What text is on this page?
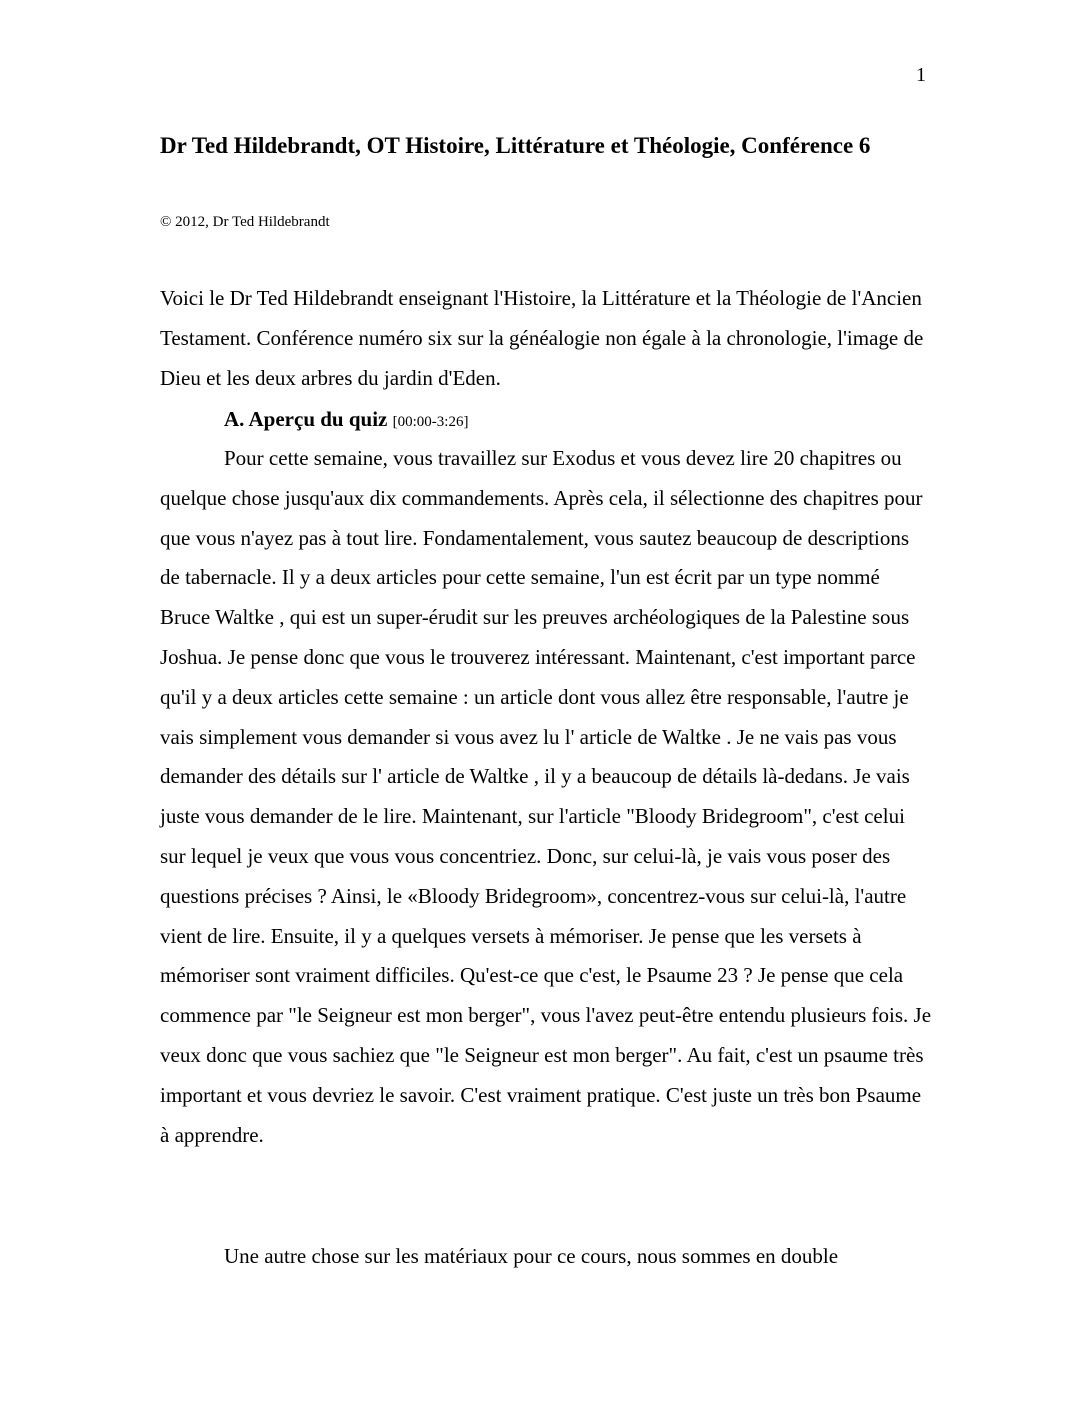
1
Dr Ted Hildebrandt, OT Histoire, Littérature et Théologie, Conférence 6
© 2012, Dr Ted Hildebrandt
Voici le Dr Ted Hildebrandt enseignant l'Histoire, la Littérature et la Théologie de l'Ancien Testament. Conférence numéro six sur la généalogie non égale à la chronologie, l'image de Dieu et les deux arbres du jardin d'Eden.
A. Aperçu du quiz [00:00-3:26]
Pour cette semaine, vous travaillez sur Exodus et vous devez lire 20 chapitres ou quelque chose jusqu'aux dix commandements. Après cela, il sélectionne des chapitres pour que vous n'ayez pas à tout lire. Fondamentalement, vous sautez beaucoup de descriptions de tabernacle. Il y a deux articles pour cette semaine, l'un est écrit par un type nommé Bruce Waltke , qui est un super-érudit sur les preuves archéologiques de la Palestine sous Joshua. Je pense donc que vous le trouverez intéressant. Maintenant, c'est important parce qu'il y a deux articles cette semaine : un article dont vous allez être responsable, l'autre je vais simplement vous demander si vous avez lu l' article de Waltke . Je ne vais pas vous demander des détails sur l' article de Waltke , il y a beaucoup de détails là-dedans. Je vais juste vous demander de le lire. Maintenant, sur l'article "Bloody Bridegroom", c'est celui sur lequel je veux que vous vous concentriez. Donc, sur celui-là, je vais vous poser des questions précises ? Ainsi, le «Bloody Bridegroom», concentrez-vous sur celui-là, l'autre vient de lire. Ensuite, il y a quelques versets à mémoriser. Je pense que les versets à mémoriser sont vraiment difficiles. Qu'est-ce que c'est, le Psaume 23 ? Je pense que cela commence par "le Seigneur est mon berger", vous l'avez peut-être entendu plusieurs fois. Je veux donc que vous sachiez que "le Seigneur est mon berger". Au fait, c'est un psaume très important et vous devriez le savoir. C'est vraiment pratique. C'est juste un très bon Psaume à apprendre.
Une autre chose sur les matériaux pour ce cours, nous sommes en double
